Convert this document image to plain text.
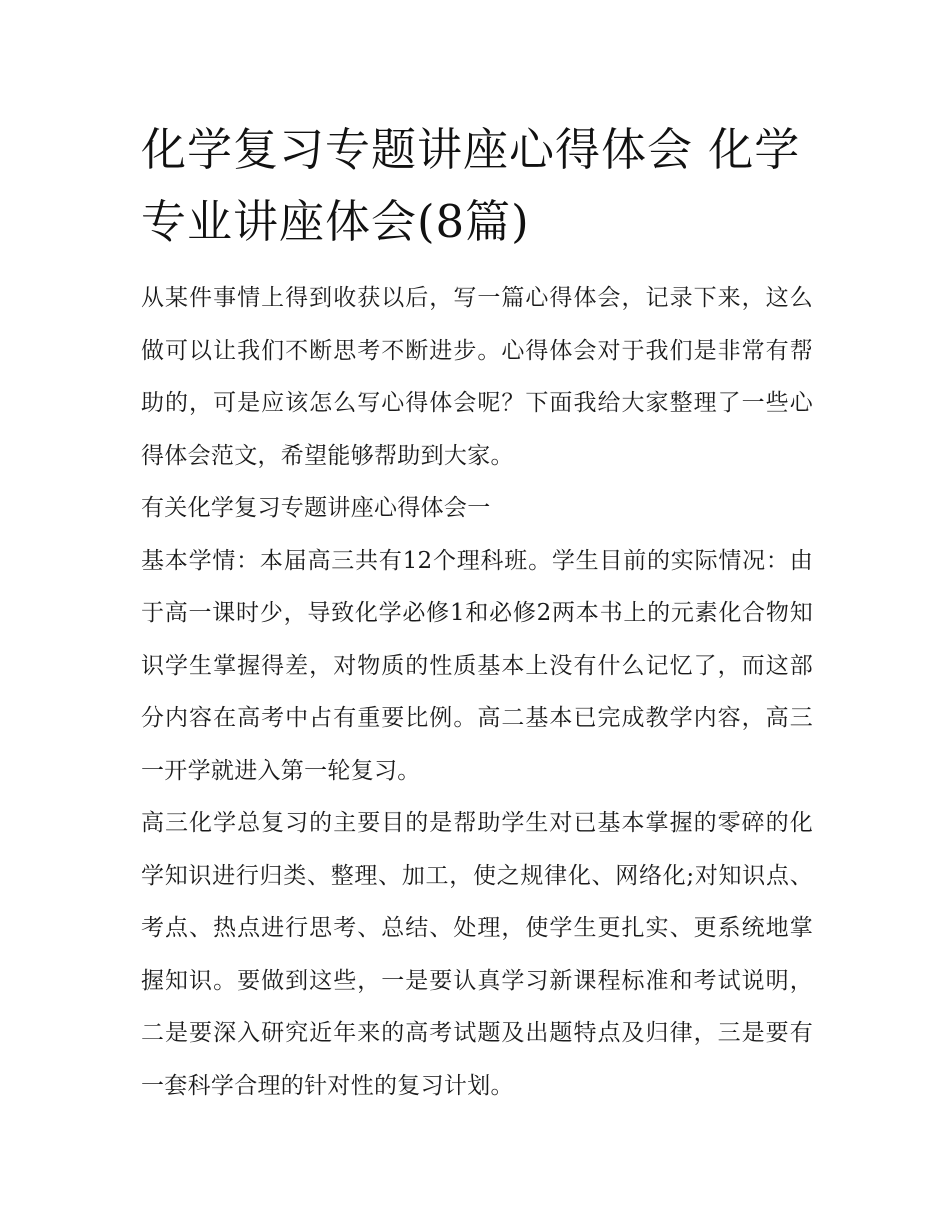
化学复习专题讲座心得体会 化学专业讲座体会(8篇)

从某件事情上得到收获以后，写一篇心得体会，记录下来，这么做可以让我们不断思考不断进步。心得体会对于我们是非常有帮助的，可是应该怎么写心得体会呢？下面我给大家整理了一些心得体会范文，希望能够帮助到大家。

有关化学复习专题讲座心得体会一

基本学情：本届高三共有12个理科班。学生目前的实际情况：由于高一课时少，导致化学必修1和必修2两本书上的元素化合物知识学生掌握得差，对物质的性质基本上没有什么记忆了，而这部分内容在高考中占有重要比例。高二基本已完成教学内容，高三一开学就进入第一轮复习。

高三化学总复习的主要目的是帮助学生对已基本掌握的零碎的化学知识进行归类、整理、加工，使之规律化、网络化;对知识点、考点、热点进行思考、总结、处理，使学生更扎实、更系统地掌握知识。要做到这些，一是要认真学习新课程标准和考试说明，二是要深入研究近年来的高考试题及出题特点及归律，三是要有一套科学合理的针对性的复习计划。
